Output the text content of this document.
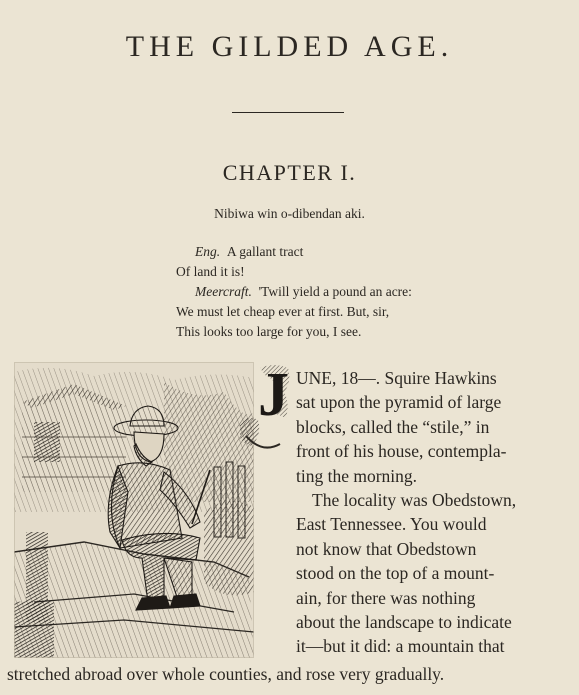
THE GILDED AGE.
CHAPTER I.
Nibiwa win o-dibendan aki.
Eng. A gallant tract
Of land it is!
Meercraft. 'Twill yield a pound an acre:
We must let cheap ever at first. But, sir,
This looks too large for you, I see.
J UNE, 18—. Squire Hawkins
sat upon the pyramid of large
blocks, called the “stile,” in
front of his house, contempla-
ting the morning.
The locality was Obedstown,
East Tennessee. You would
not know that Obedstown
stood on the top of a mount-
ain, for there was nothing
about the landscape to indicate
it—but it did: a mountain that
stretched abroad over whole counties, and rose very gradually.
